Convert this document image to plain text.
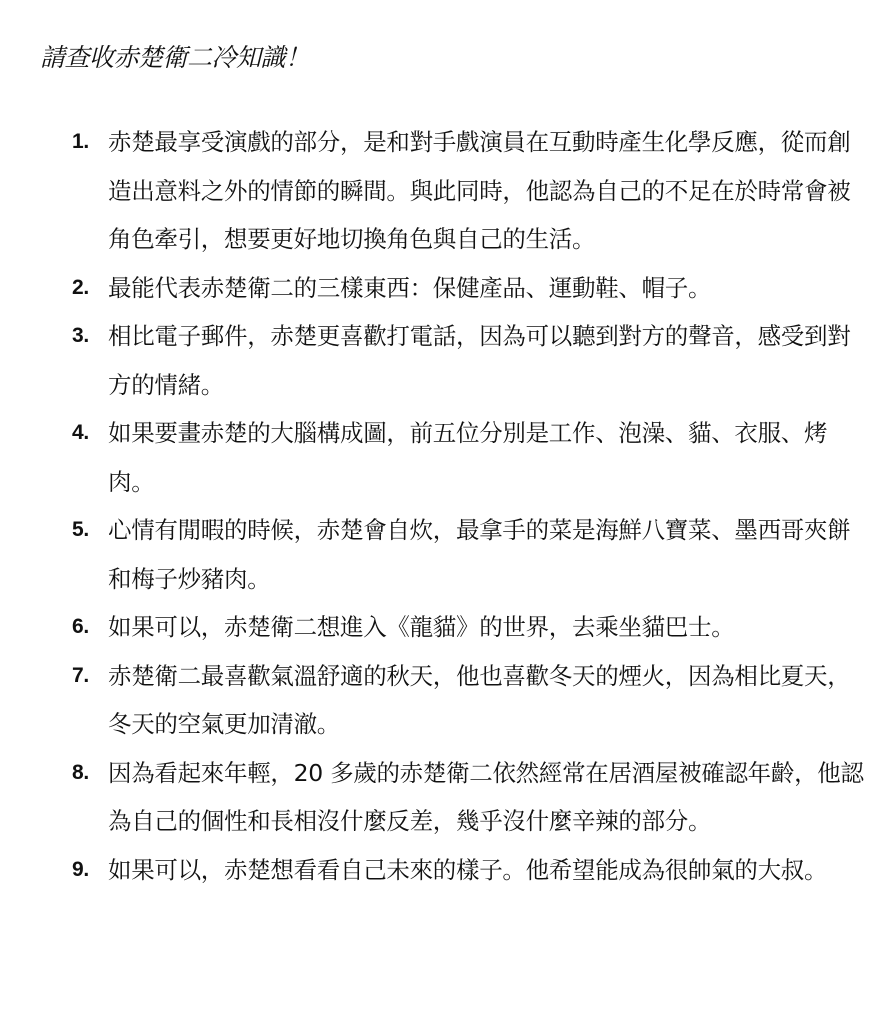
請查收赤楚衛二冷知識！
1. 赤楚最享受演戲的部分，是和對手戲演員在互動時產生化學反應，從而創造出意料之外的情節的瞬間。與此同時，他認為自己的不足在於時常會被角色牽引，想要更好地切換角色與自己的生活。
2. 最能代表赤楚衛二的三樣東西：保健產品、運動鞋、帽子。
3. 相比電子郵件，赤楚更喜歡打電話，因為可以聽到對方的聲音，感受到對方的情緒。
4. 如果要畫赤楚的大腦構成圖，前五位分別是工作、泡澡、貓、衣服、烤肉。
5. 心情有閒暇的時候，赤楚會自炊，最拿手的菜是海鮮八寶菜、墨西哥夾餅和梅子炒豬肉。
6. 如果可以，赤楚衛二想進入《龍貓》的世界，去乘坐貓巴士。
7. 赤楚衛二最喜歡氣溫舒適的秋天，他也喜歡冬天的煙火，因為相比夏天，冬天的空氣更加清澈。
8. 因為看起來年輕，20 多歲的赤楚衛二依然經常在居酒屋被確認年齡，他認為自己的個性和長相沒什麼反差，幾乎沒什麼辛辣的部分。
9. 如果可以，赤楚想看看自己未來的樣子。他希望能成為很帥氣的大叔。
